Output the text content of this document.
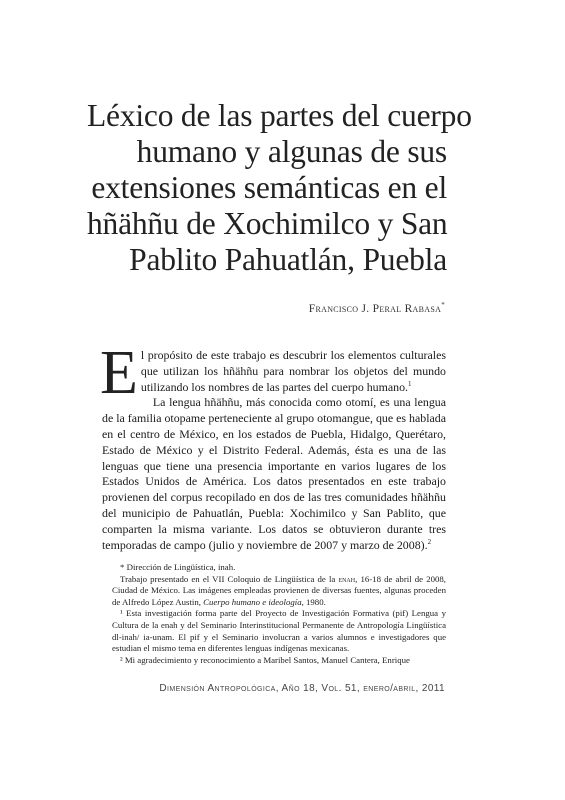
Léxico de las partes del cuerpo
humano y algunas de sus
extensiones semánticas en el
hñähñu de Xochimilco y San
Pablito Pahuatlán, Puebla
Francisco J. Peral Rabasa*

El propósito de este trabajo es descubrir los elementos culturales que utilizan los hñähñu para nombrar los objetos del mundo utilizando los nombres de las partes del cuerpo humano.$^1$

La lengua hñähñu, más conocida como otomí, es una lengua de la familia otopame perteneciente al grupo otomangue, que es hablada en el centro de México, en los estados de Puebla, Hidalgo, Querétaro, Estado de México y el Distrito Federal. Además, ésta es una de las lenguas que tiene una presencia importante en varios lugares de los Estados Unidos de América. Los datos presentados en este trabajo provienen del corpus recopilado en dos de las tres comunidades hñähñu del municipio de Pahuatlán, Puebla: Xochimilco y San Pablito, que comparten la misma variante. Los datos se obtuvieron durante tres temporadas de campo (julio y noviembre de 2007 y marzo de 2008).$^2$

* Dirección de Lingüística, inah.

Trabajo presentado en el VII Coloquio de Lingüística de la enah, 16-18 de abril de 2008, Ciudad de México. Las imágenes empleadas provienen de diversas fuentes, algunas proceden de Alfredo López Austin, Cuerpo humano e ideología, 1980.

¹ Esta investigación forma parte del Proyecto de Investigación Formativa (pif) Lengua y Cultura de la enah y del Seminario Interinstitucional Permanente de Antropología Lingüística dl-inah/ ia-unam. El pif y el Seminario involucran a varios alumnos e investigadores que estudian el mismo tema en diferentes lenguas indígenas mexicanas.

² Mi agradecimiento y reconocimiento a Maribel Santos, Manuel Cantera, Enrique

Dimensión Antropológica, Año 18, Vol. 51, enero/abril, 2011
